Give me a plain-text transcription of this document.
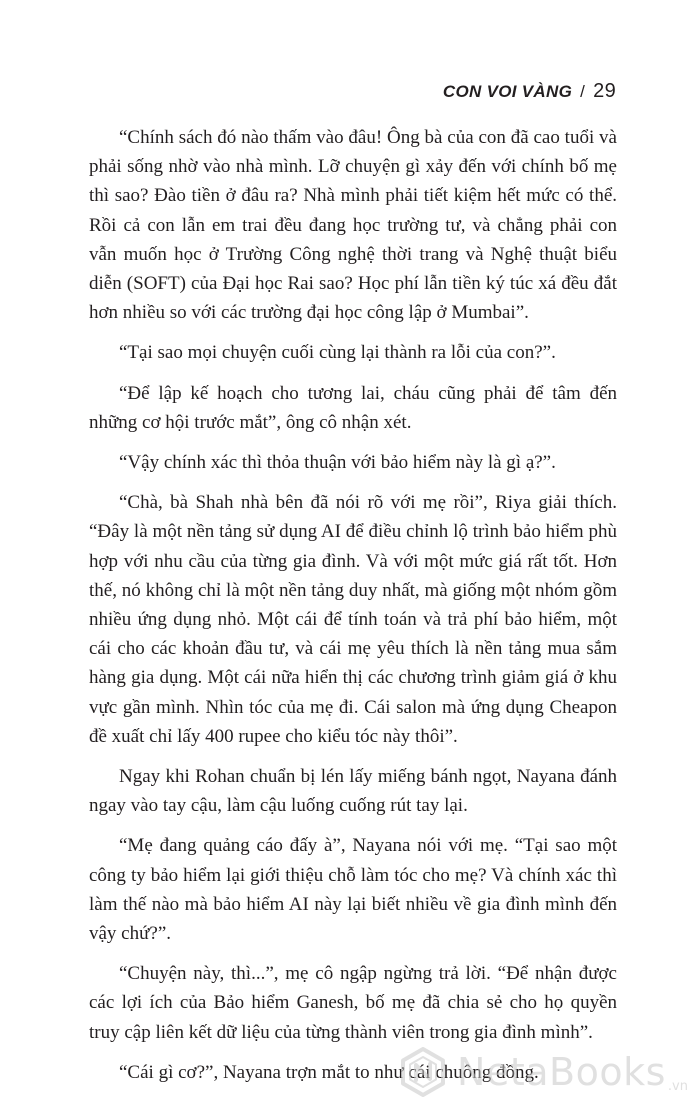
CON VOI VÀNG / 29

“Chính sách đó nào thấm vào đâu! Ông bà của con đã cao tuổi và phải sống nhờ vào nhà mình. Lỡ chuyện gì xảy đến với chính bố mẹ thì sao? Đào tiền ở đâu ra? Nhà mình phải tiết kiệm hết mức có thể. Rồi cả con lẫn em trai đều đang học trường tư, và chẳng phải con vẫn muốn học ở Trường Công nghệ thời trang và Nghệ thuật biểu diễn (SOFT) của Đại học Rai sao? Học phí lẫn tiền ký túc xá đều đắt hơn nhiều so với các trường đại học công lập ở Mumbai”.

“Tại sao mọi chuyện cuối cùng lại thành ra lỗi của con?”.

“Để lập kế hoạch cho tương lai, cháu cũng phải để tâm đến những cơ hội trước mắt”, ông cô nhận xét.

“Vậy chính xác thì thỏa thuận với bảo hiểm này là gì ạ?”.

“Chà, bà Shah nhà bên đã nói rõ với mẹ rồi”, Riya giải thích. “Đây là một nền tảng sử dụng AI để điều chỉnh lộ trình bảo hiểm phù hợp với nhu cầu của từng gia đình. Và với một mức giá rất tốt. Hơn thế, nó không chỉ là một nền tảng duy nhất, mà giống một nhóm gồm nhiều ứng dụng nhỏ. Một cái để tính toán và trả phí bảo hiểm, một cái cho các khoản đầu tư, và cái mẹ yêu thích là nền tảng mua sắm hàng gia dụng. Một cái nữa hiển thị các chương trình giảm giá ở khu vực gần mình. Nhìn tóc của mẹ đi. Cái salon mà ứng dụng Cheapon đề xuất chỉ lấy 400 rupee cho kiểu tóc này thôi”.

Ngay khi Rohan chuẩn bị lén lấy miếng bánh ngọt, Nayana đánh ngay vào tay cậu, làm cậu luống cuống rút tay lại.

“Mẹ đang quảng cáo đấy à”, Nayana nói với mẹ. “Tại sao một công ty bảo hiểm lại giới thiệu chỗ làm tóc cho mẹ? Và chính xác thì làm thế nào mà bảo hiểm AI này lại biết nhiều về gia đình mình đến vậy chứ?”.

“Chuyện này, thì...”, mẹ cô ngập ngừng trả lời. “Để nhận được các lợi ích của Bảo hiểm Ganesh, bố mẹ đã chia sẻ cho họ quyền truy cập liên kết dữ liệu của từng thành viên trong gia đình mình”.

“Cái gì cơ?”, Nayana trợn mắt to như cái chuông đồng.

NetaBooks .vn
